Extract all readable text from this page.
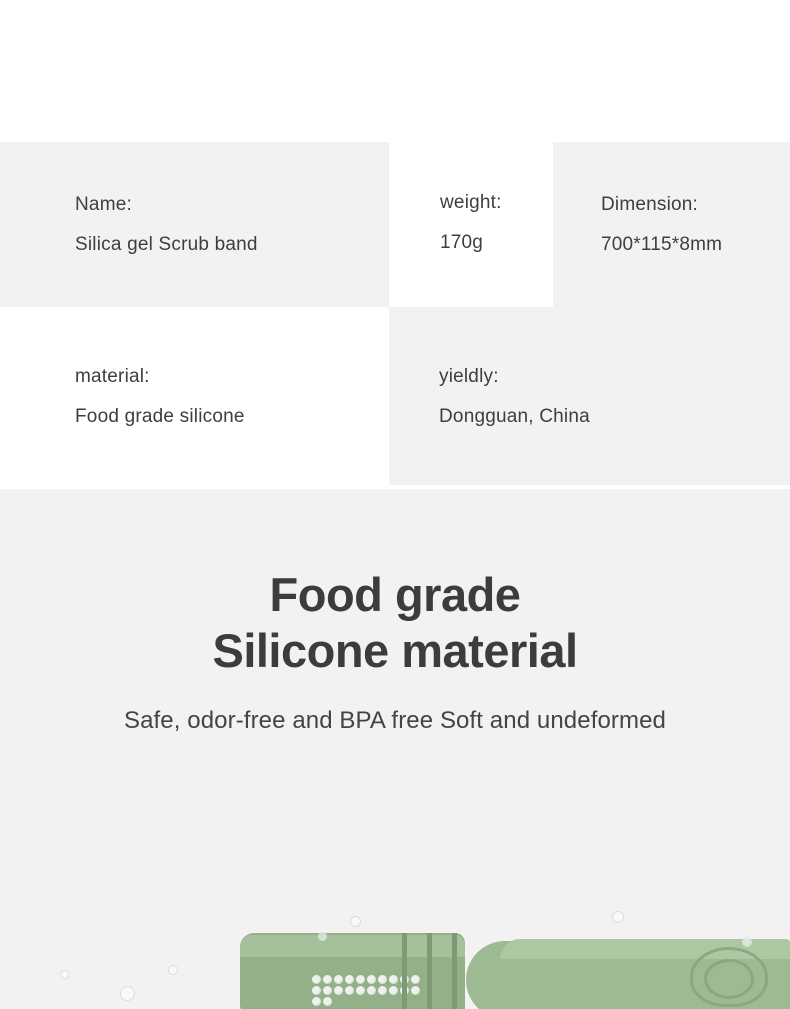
Name:
Silica gel Scrub band
weight:
170g
Dimension:
700*115*8mm
material:
Food grade silicone
yieldly:
Dongguan, China
Food grade
Silicone material
Safe, odor-free and BPA free Soft and undeformed
